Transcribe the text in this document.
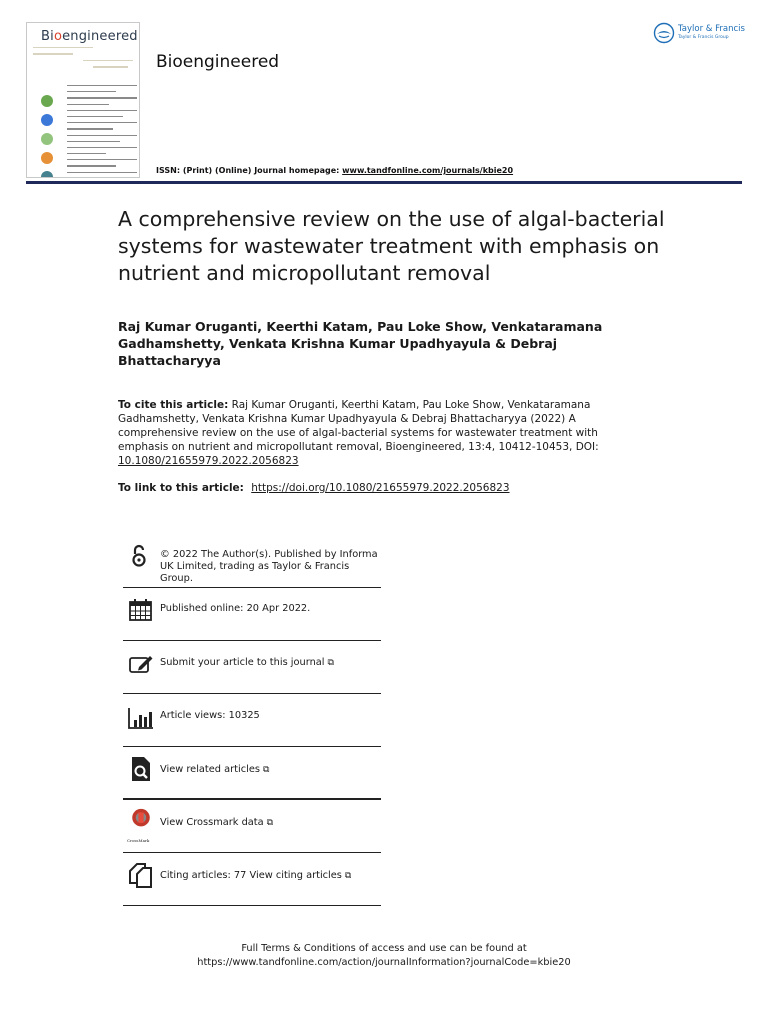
Bioengineered
Bioengineered
Taylor & Francis
Taylor & Francis Group
ISSN: (Print) (Online) Journal homepage: www.tandfonline.com/journals/kbie20
A comprehensive review on the use of algal-bacterial systems for wastewater treatment with emphasis on nutrient and micropollutant removal
Raj Kumar Oruganti, Keerthi Katam, Pau Loke Show, Venkataramana Gadhamshetty, Venkata Krishna Kumar Upadhyayula & Debraj Bhattacharyya
To cite this article: Raj Kumar Oruganti, Keerthi Katam, Pau Loke Show, Venkataramana Gadhamshetty, Venkata Krishna Kumar Upadhyayula & Debraj Bhattacharyya (2022) A comprehensive review on the use of algal-bacterial systems for wastewater treatment with emphasis on nutrient and micropollutant removal, Bioengineered, 13:4, 10412-10453, DOI: 10.1080/21655979.2022.2056823
To link to this article: https://doi.org/10.1080/21655979.2022.2056823
© 2022 The Author(s). Published by Informa UK Limited, trading as Taylor & Francis Group.
Published online: 20 Apr 2022.
Submit your article to this journal ⧉
Article views: 10325
View related articles ⧉
View Crossmark data ⧉
CrossMark
Citing articles: 77 View citing articles ⧉
Full Terms & Conditions of access and use can be found at
https://www.tandfonline.com/action/journalInformation?journalCode=kbie20
